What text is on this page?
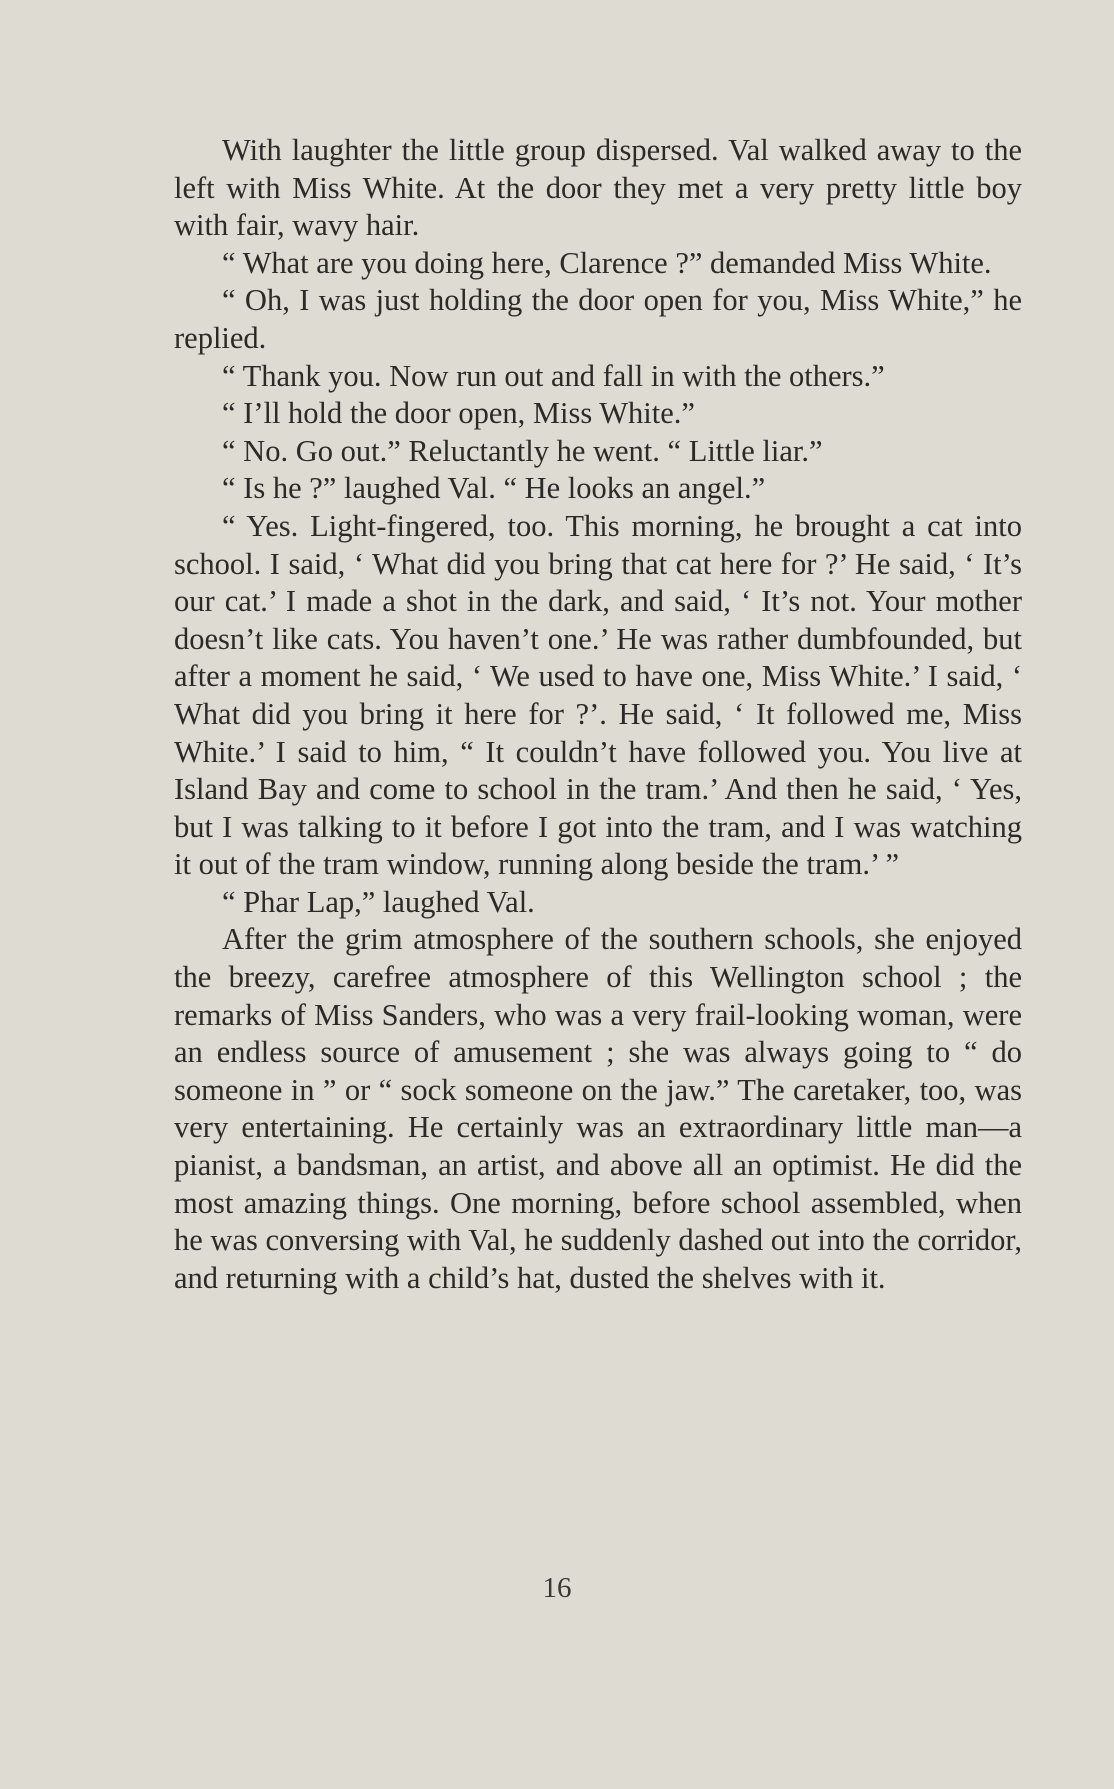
With laughter the little group dispersed. Val walked away to the left with Miss White. At the door they met a very pretty little boy with fair, wavy hair.

“ What are you doing here, Clarence ?” demanded Miss White.

“ Oh, I was just holding the door open for you, Miss White,” he replied.

“ Thank you. Now run out and fall in with the others.”

“ I’ll hold the door open, Miss White.”

“ No. Go out.” Reluctantly he went. “ Little liar.”

“ Is he ?” laughed Val. “ He looks an angel.”

“ Yes. Light-fingered, too. This morning, he brought a cat into school. I said, ‘ What did you bring that cat here for ?’ He said, ‘ It’s our cat.’ I made a shot in the dark, and said, ‘ It’s not. Your mother doesn’t like cats. You haven’t one.’ He was rather dumbfounded, but after a moment he said, ‘ We used to have one, Miss White.’ I said, ‘ What did you bring it here for ?’. He said, ‘ It followed me, Miss White.’ I said to him, “ It couldn’t have followed you. You live at Island Bay and come to school in the tram.’ And then he said, ‘ Yes, but I was talking to it before I got into the tram, and I was watching it out of the tram window, running along beside the tram.’ ”

“ Phar Lap,” laughed Val.

After the grim atmosphere of the southern schools, she enjoyed the breezy, carefree atmosphere of this Wellington school ; the remarks of Miss Sanders, who was a very frail-looking woman, were an endless source of amusement ; she was always going to “ do someone in ” or “ sock someone on the jaw.” The caretaker, too, was very entertaining. He certainly was an extraordinary little man—a pianist, a bandsman, an artist, and above all an optimist. He did the most amazing things. One morning, before school assembled, when he was conversing with Val, he suddenly dashed out into the corridor, and returning with a child’s hat, dusted the shelves with it.

16
